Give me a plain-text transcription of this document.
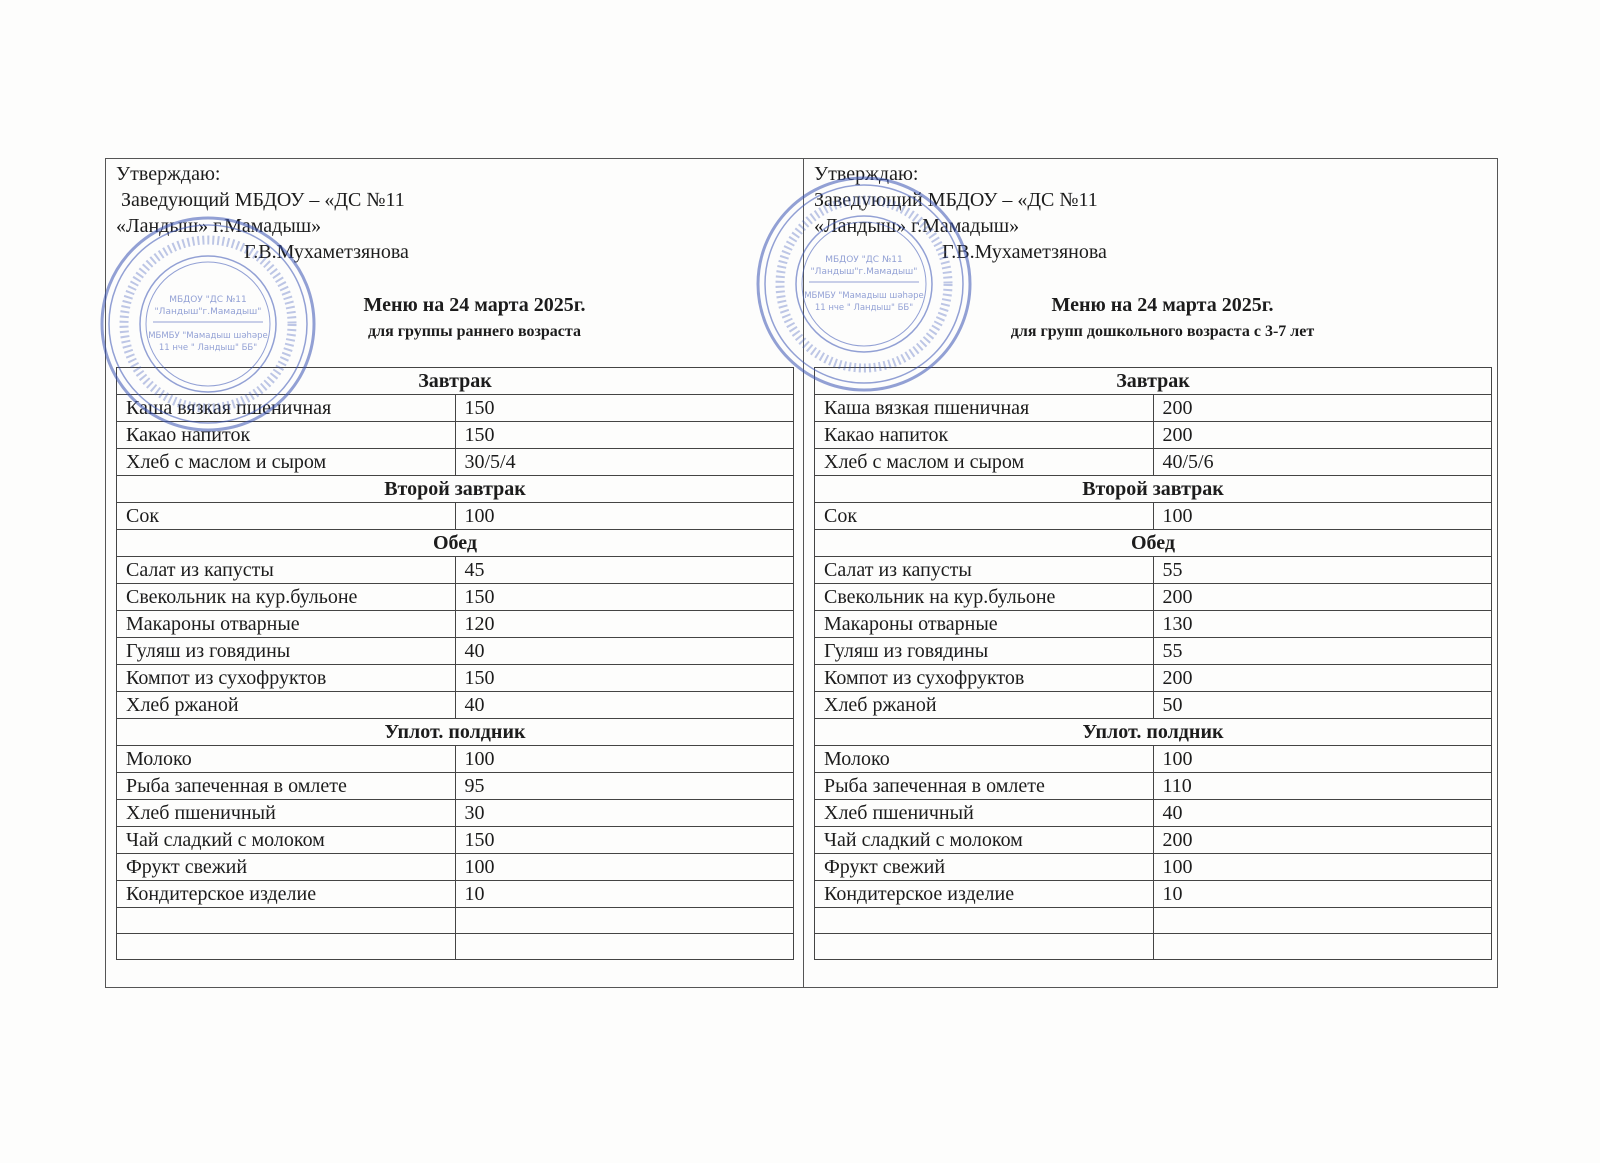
Утверждаю:
Заведующий МБДОУ – «ДС №11
«Ландыш» г.Мамадыш»
Г.В.Мухаметзянова
Меню на 24 марта 2025г.
для группы раннего возраста
Завтрак	
Каша вязкая пшеничная	150
Какао напиток	150
Хлеб с маслом и сыром	30/5/4
Второй завтрак	
Сок	100
Обед	
Салат из капусты	45
Свекольник на кур.бульоне	150
Макароны отварные	120
Гуляш из говядины	40
Компот из сухофруктов	150
Хлеб ржаной	40
Уплот. полдник	
Молоко	100
Рыба запеченная в омлете	95
Хлеб пшеничный	30
Чай сладкий с молоком	150
Фрукт свежий	100
Кондитерское изделие	10

МБДОУ "ДС №11
"Ландыш"г.Мамадыш"
МБМБУ "Мамадыш шәһәре
11 нче " Ландыш" ББ"
Утверждаю:
Заведующий МБДОУ – «ДС №11
«Ландыш» г.Мамадыш»
Г.В.Мухаметзянова
Меню на 24 марта 2025г.
для групп дошкольного возраста с 3-7 лет
Завтрак	
Каша вязкая пшеничная	200
Какао напиток	200
Хлеб с маслом и сыром	40/5/6
Второй завтрак	
Сок	100
Обед	
Салат из капусты	55
Свекольник на кур.бульоне	200
Макароны отварные	130
Гуляш из говядины	55
Компот из сухофруктов	200
Хлеб ржаной	50
Уплот. полдник	
Молоко	100
Рыба запеченная в омлете	110
Хлеб пшеничный	40
Чай сладкий с молоком	200
Фрукт свежий	100
Кондитерское изделие	10

МБДОУ "ДС №11
"Ландыш"г.Мамадыш"
МБМБУ "Мамадыш шәһәре
11 нче " Ландыш" ББ"
